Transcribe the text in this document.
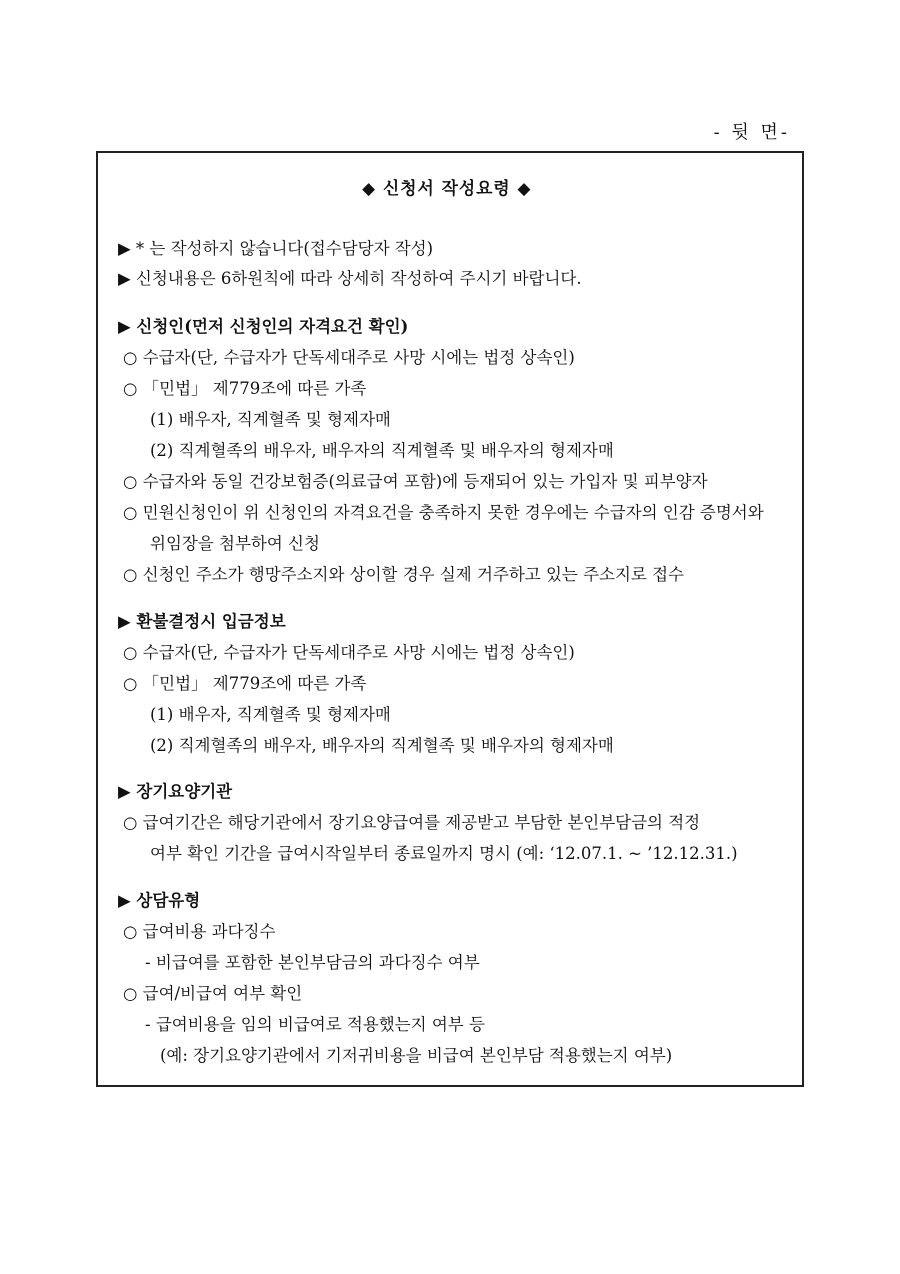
- 뒷 면-
◆ 신청서 작성요령 ◆
▶ * 는 작성하지 않습니다(접수담당자 작성)
▶ 신청내용은 6하원칙에 따라 상세히 작성하여 주시기 바랍니다.
▶ 신청인(먼저 신청인의 자격요건 확인)
○ 수급자(단, 수급자가 단독세대주로 사망 시에는 법정 상속인)
○ 「민법」 제779조에 따른 가족
(1) 배우자, 직계혈족 및 형제자매
(2) 직계혈족의 배우자, 배우자의 직계혈족 및 배우자의 형제자매
○ 수급자와 동일 건강보험증(의료급여 포함)에 등재되어 있는 가입자 및 피부양자
○ 민원신청인이 위 신청인의 자격요건을 충족하지 못한 경우에는 수급자의 인감 증명서와
위임장을 첨부하여 신청
○ 신청인 주소가 행망주소지와 상이할 경우 실제 거주하고 있는 주소지로 접수
▶ 환불결정시 입금정보
○ 수급자(단, 수급자가 단독세대주로 사망 시에는 법정 상속인)
○ 「민법」 제779조에 따른 가족
(1) 배우자, 직계혈족 및 형제자매
(2) 직계혈족의 배우자, 배우자의 직계혈족 및 배우자의 형제자매
▶ 장기요양기관
○ 급여기간은 해당기관에서 장기요양급여를 제공받고 부담한 본인부담금의 적정
여부 확인 기간을 급여시작일부터 종료일까지 명시 (예: ‘12.07.1. ~ ’12.12.31.)
▶ 상담유형
○ 급여비용 과다징수
- 비급여를 포함한 본인부담금의 과다징수 여부
○ 급여/비급여 여부 확인
- 급여비용을 임의 비급여로 적용했는지 여부 등
(예: 장기요양기관에서 기저귀비용을 비급여 본인부담 적용했는지 여부)
